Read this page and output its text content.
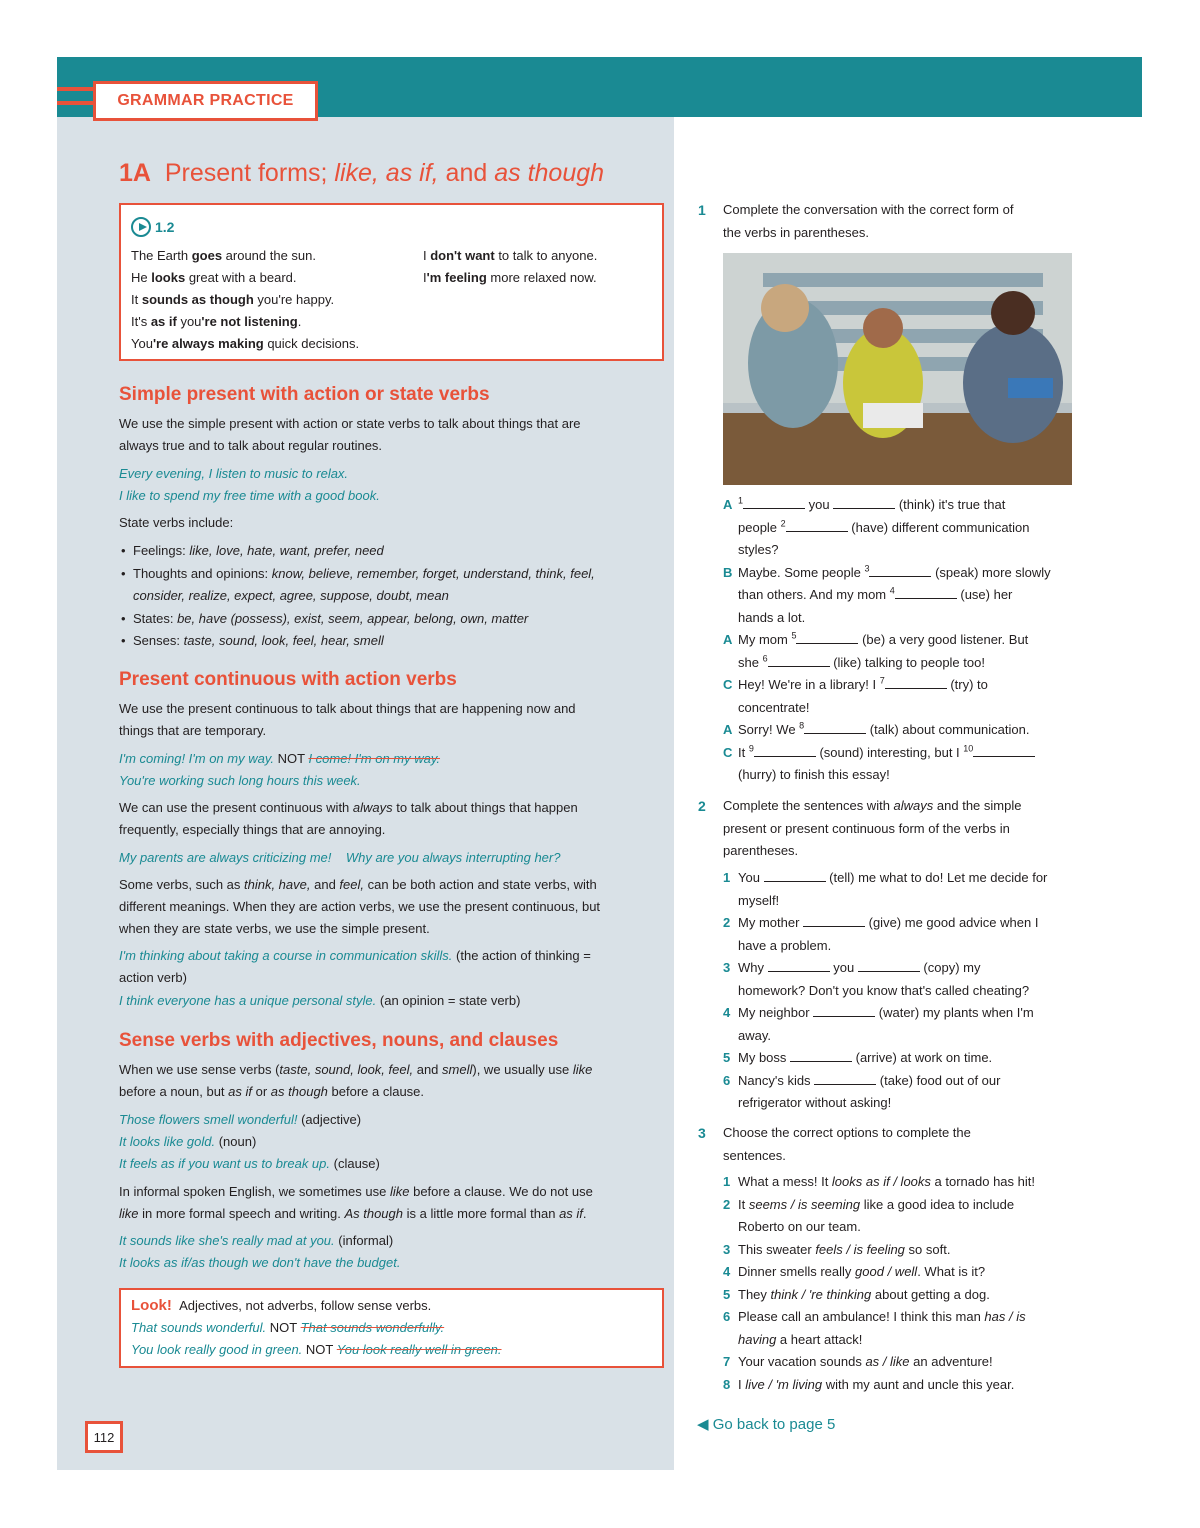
GRAMMAR PRACTICE
1A Present forms; like, as if, and as though
1.2
The Earth goes around the sun.
He looks great with a beard.
It sounds as though you're happy.
It's as if you're not listening.
You're always making quick decisions.
I don't want to talk to anyone.
I'm feeling more relaxed now.
Simple present with action or state verbs
We use the simple present with action or state verbs to talk about things that are
always true and to talk about regular routines.
Every evening, I listen to music to relax.
I like to spend my free time with a good book.
State verbs include:
• Feelings: like, love, hate, want, prefer, need
• Thoughts and opinions: know, believe, remember, forget, understand, think, feel,
consider, realize, expect, agree, suppose, doubt, mean
• States: be, have (possess), exist, seem, appear, belong, own, matter
• Senses: taste, sound, look, feel, hear, smell
Present continuous with action verbs
We use the present continuous to talk about things that are happening now and
things that are temporary.
I'm coming! I'm on my way. NOT I come! I'm on my way.
You're working such long hours this week.
We can use the present continuous with always to talk about things that happen
frequently, especially things that are annoying.
My parents are always criticizing me! Why are you always interrupting her?
Some verbs, such as think, have, and feel, can be both action and state verbs, with
different meanings. When they are action verbs, we use the present continuous, but
when they are state verbs, we use the simple present.
I'm thinking about taking a course in communication skills. (the action of thinking =
action verb)
I think everyone has a unique personal style. (an opinion = state verb)
Sense verbs with adjectives, nouns, and clauses
When we use sense verbs (taste, sound, look, feel, and smell), we usually use like
before a noun, but as if or as though before a clause.
Those flowers smell wonderful! (adjective)
It looks like gold. (noun)
It feels as if you want us to break up. (clause)
In informal spoken English, we sometimes use like before a clause. We do not use
like in more formal speech and writing. As though is a little more formal than as if.
It sounds like she's really mad at you. (informal)
It looks as if/as though we don't have the budget.
Look! Adjectives, not adverbs, follow sense verbs.
That sounds wonderful. NOT That sounds wonderfully.
You look really good in green. NOT You look really well in green.
112
1 Complete the conversation with the correct form of
the verbs in parentheses.
A $^1$	you	(think) it's true that
people $^2$	(have) different communication
styles?
B Maybe. Some people $^3$	(speak) more slowly
than others. And my mom $^4$	(use) her
hands a lot.
A My mom $^5$	(be) a very good listener. But
she $^6$	(like) talking to people too!
C Hey! We're in a library! I $^7$	(try) to
concentrate!
A Sorry! We $^8$	(talk) about communication.
C It $^9$	(sound) interesting, but I $^{10}$
(hurry) to finish this essay!
2 Complete the sentences with always and the simple
present or present continuous form of the verbs in
parentheses.
1 You	(tell) me what to do! Let me decide for
myself!
2 My mother	(give) me good advice when I
have a problem.
3 Why	you	(copy) my
homework? Don't you know that's called cheating?
4 My neighbor	(water) my plants when I'm
away.
5 My boss	(arrive) at work on time.
6 Nancy's kids	(take) food out of our
refrigerator without asking!
3 Choose the correct options to complete the
sentences.
1 What a mess! It looks as if / looks a tornado has hit!
2 It seems / is seeming like a good idea to include
Roberto on our team.
3 This sweater feels / is feeling so soft.
4 Dinner smells really good / well. What is it?
5 They think / 're thinking about getting a dog.
6 Please call an ambulance! I think this man has / is
having a heart attack!
7 Your vacation sounds as / like an adventure!
8 I live / 'm living with my aunt and uncle this year.
◀ Go back to page 5
